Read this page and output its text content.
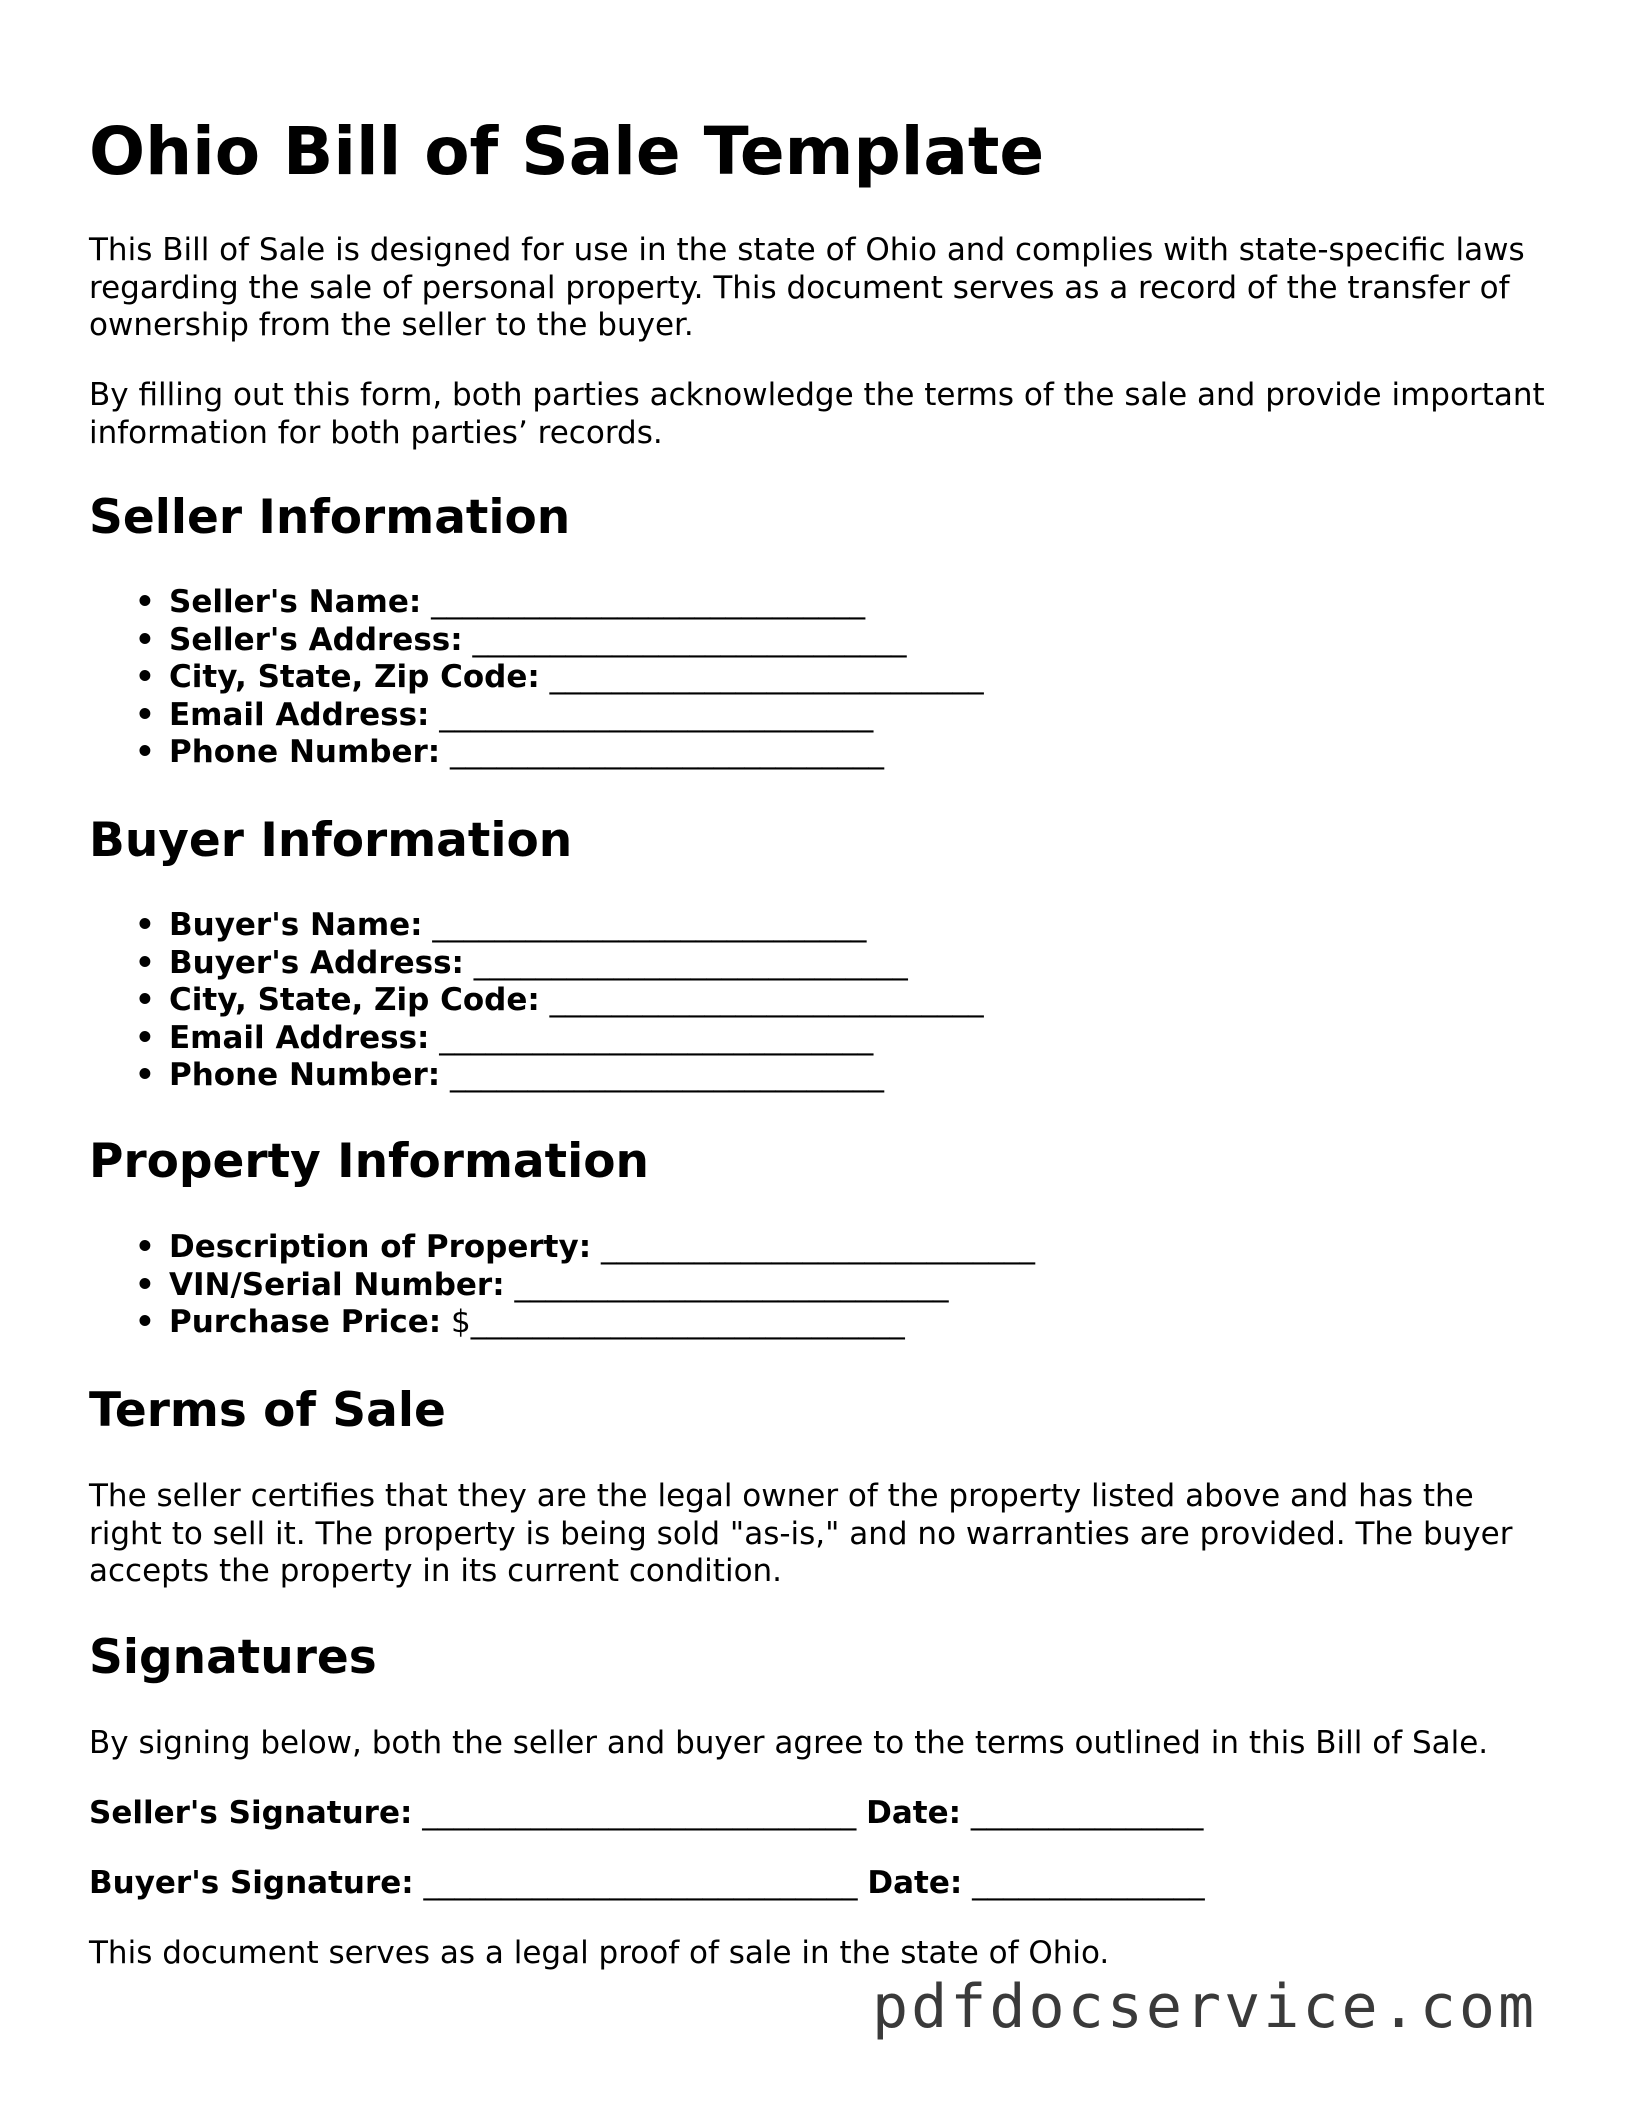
Ohio Bill of Sale Template

This Bill of Sale is designed for use in the state of Ohio and complies with state-specific laws regarding the sale of personal property. This document serves as a record of the transfer of ownership from the seller to the buyer.

By filling out this form, both parties acknowledge the terms of the sale and provide important information for both parties’ records.

Seller Information
• Seller's Name: ____________________________
• Seller's Address: ____________________________
• City, State, Zip Code: ____________________________
• Email Address: ____________________________
• Phone Number: ____________________________
Buyer Information
• Buyer's Name: ____________________________
• Buyer's Address: ____________________________
• City, State, Zip Code: ____________________________
• Email Address: ____________________________
• Phone Number: ____________________________
Property Information
• Description of Property: ____________________________
• VIN/Serial Number: ____________________________
• Purchase Price: $____________________________
Terms of Sale

The seller certifies that they are the legal owner of the property listed above and has the right to sell it. The property is being sold "as-is," and no warranties are provided. The buyer accepts the property in its current condition.

Signatures

By signing below, both the seller and buyer agree to the terms outlined in this Bill of Sale.

Seller's Signature: ____________________________ Date: _______________

Buyer's Signature: ____________________________ Date: _______________

This document serves as a legal proof of sale in the state of Ohio.

pdfdocservice.com
